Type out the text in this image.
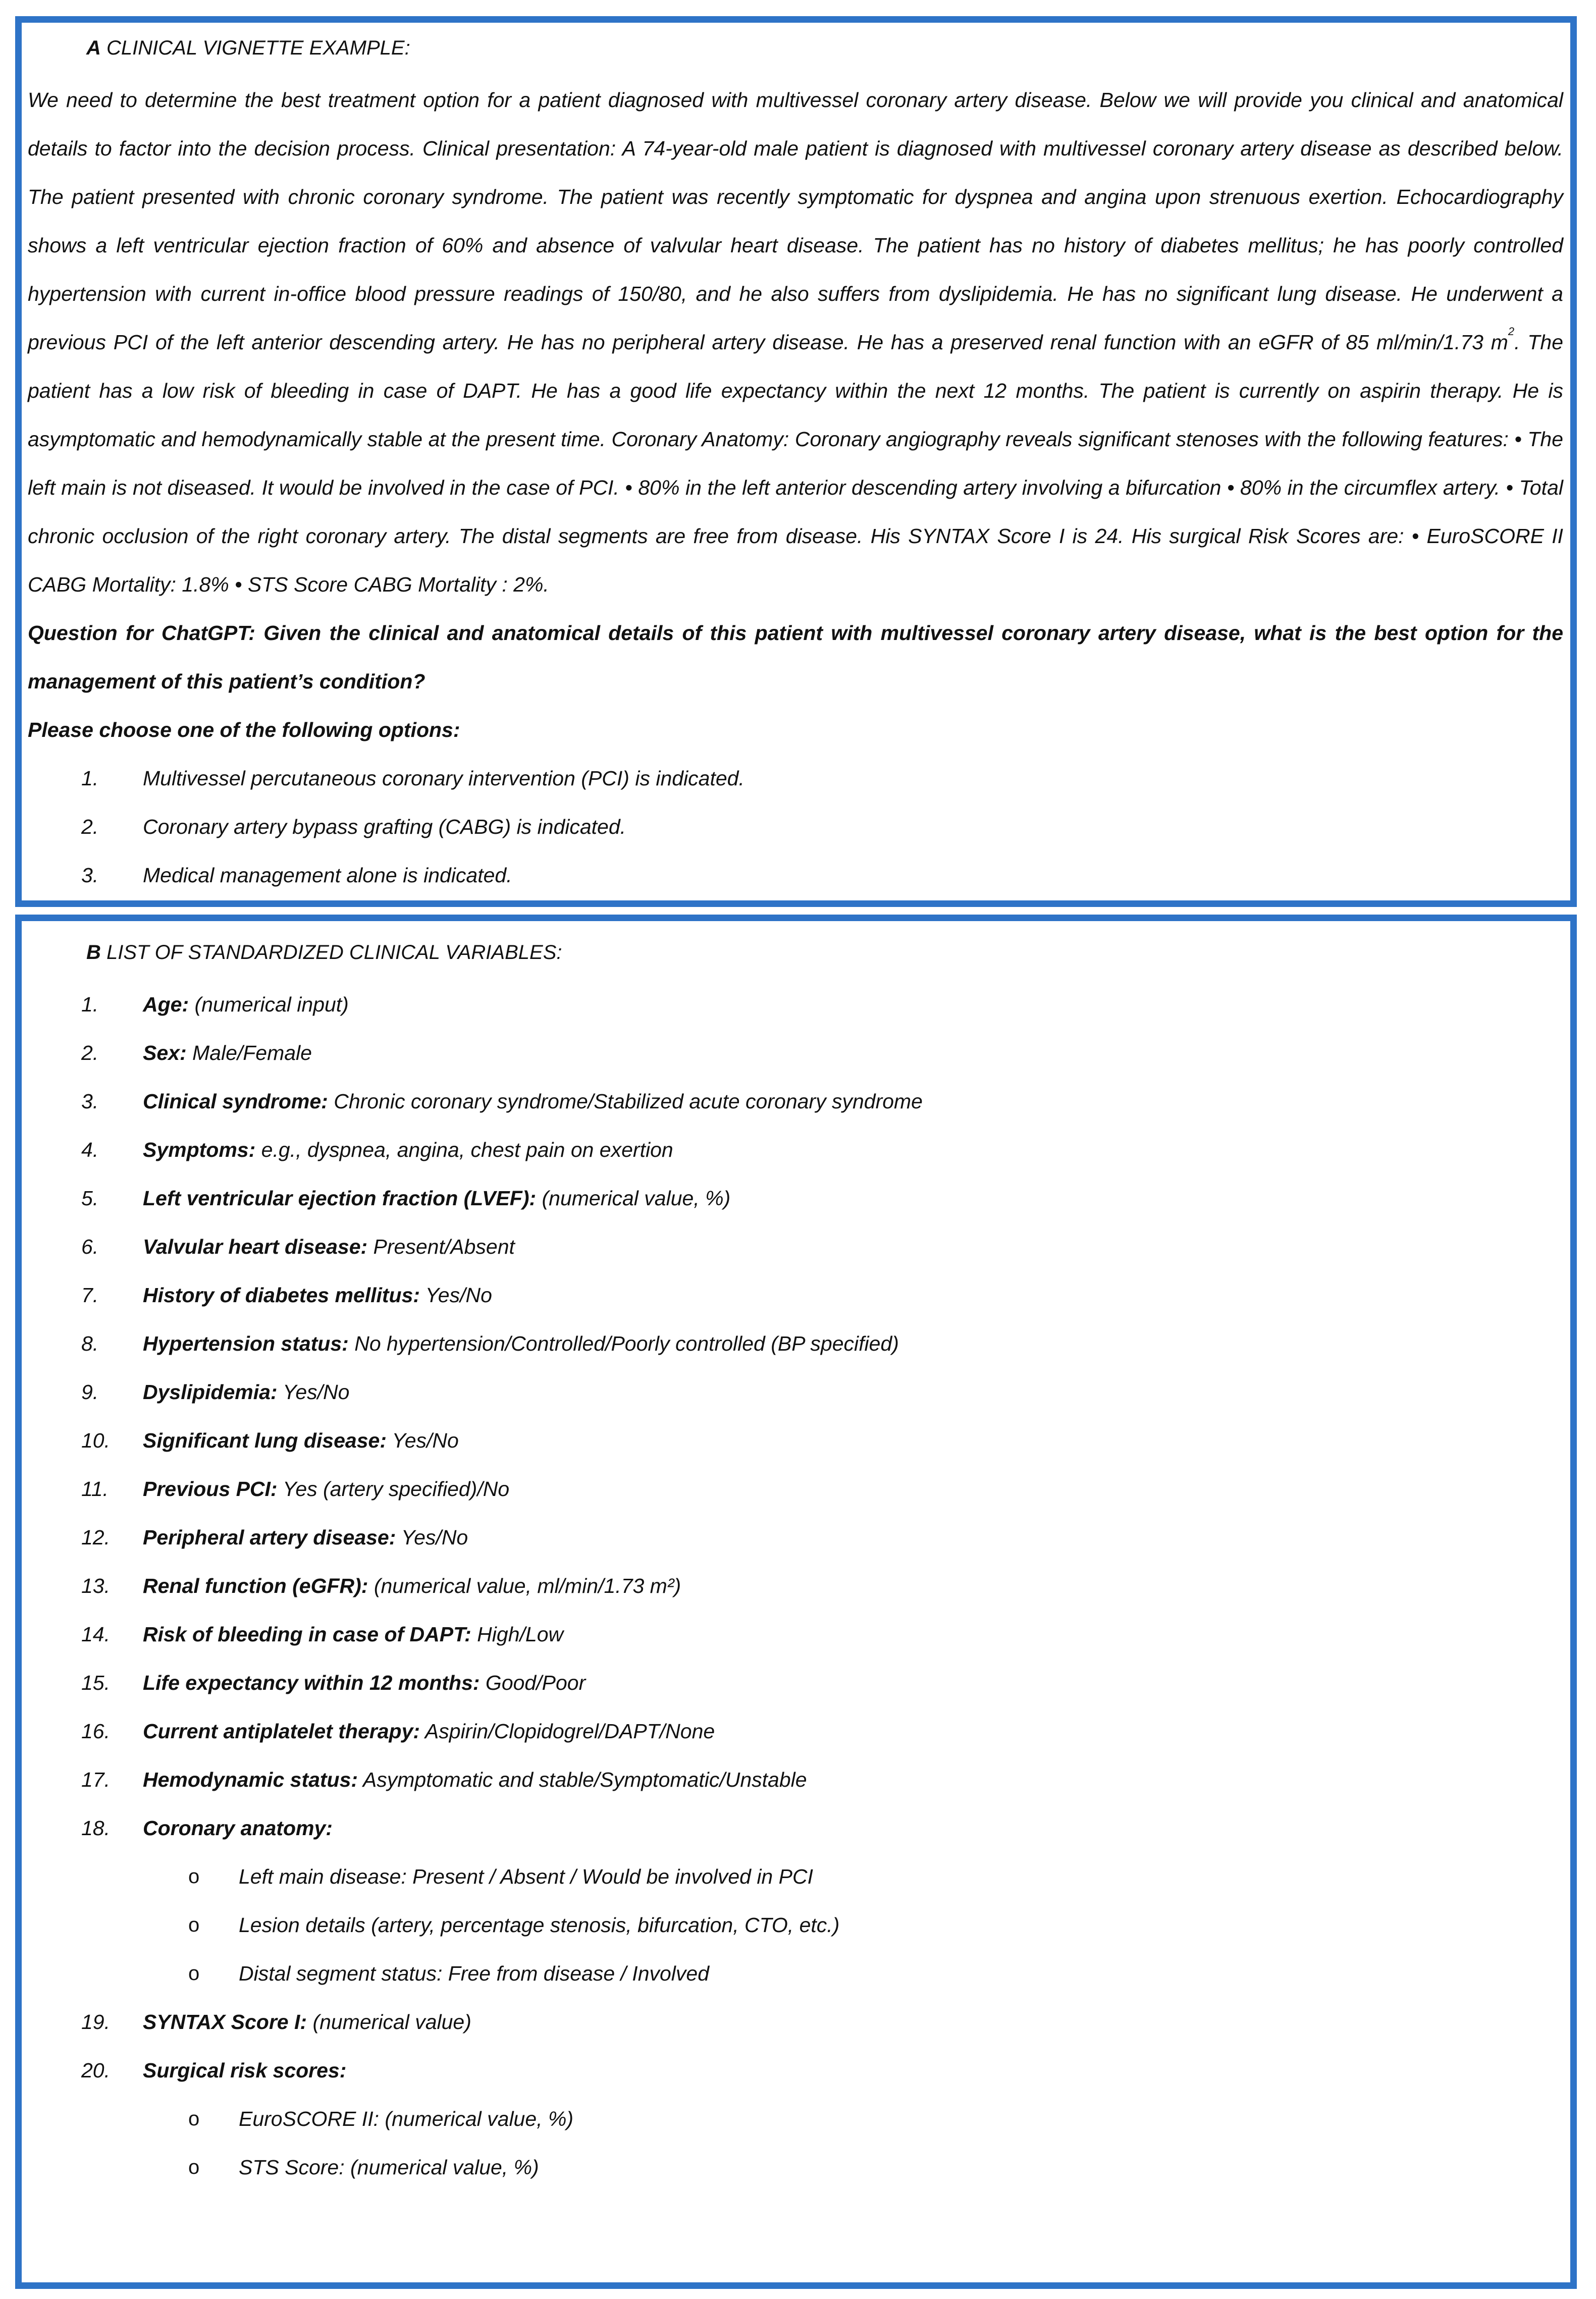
A CLINICAL VIGNETTE EXAMPLE:

We need to determine the best treatment option for a patient diagnosed with multivessel coronary artery disease. Below we will provide you clinical and anatomical details to factor into the decision process. Clinical presentation: A 74-year-old male patient is diagnosed with multivessel coronary artery disease as described below. The patient presented with chronic coronary syndrome. The patient was recently symptomatic for dyspnea and angina upon strenuous exertion. Echocardiography shows a left ventricular ejection fraction of 60% and absence of valvular heart disease. The patient has no history of diabetes mellitus; he has poorly controlled hypertension with current in-office blood pressure readings of 150/80, and he also suffers from dyslipidemia. He has no significant lung disease. He underwent a previous PCI of the left anterior descending artery. He has no peripheral artery disease. He has a preserved renal function with an eGFR of 85 ml/min/1.73 $m^2$. The patient has a low risk of bleeding in case of DAPT. He has a good life expectancy within the next 12 months. The patient is currently on aspirin therapy. He is asymptomatic and hemodynamically stable at the present time. Coronary Anatomy: Coronary angiography reveals significant stenoses with the following features: • The left main is not diseased. It would be involved in the case of PCI. • 80% in the left anterior descending artery involving a bifurcation • 80% in the circumflex artery. • Total chronic occlusion of the right coronary artery. The distal segments are free from disease. His SYNTAX Score I is 24. His surgical Risk Scores are: • EuroSCORE II CABG Mortality: 1.8% • STS Score CABG Mortality : 2%.

Question for ChatGPT: Given the clinical and anatomical details of this patient with multivessel coronary artery disease, what is the best option for the management of this patient’s condition?

Please choose one of the following options:

1.	Multivessel percutaneous coronary intervention (PCI) is indicated.
2.	Coronary artery bypass grafting (CABG) is indicated.
3.	Medical management alone is indicated.

B LIST OF STANDARDIZED CLINICAL VARIABLES:

1.	Age: (numerical input)
2.	Sex: Male/Female
3.	Clinical syndrome: Chronic coronary syndrome/Stabilized acute coronary syndrome
4.	Symptoms: e.g., dyspnea, angina, chest pain on exertion
5.	Left ventricular ejection fraction (LVEF): (numerical value, %)
6.	Valvular heart disease: Present/Absent
7.	History of diabetes mellitus: Yes/No
8.	Hypertension status: No hypertension/Controlled/Poorly controlled (BP specified)
9.	Dyslipidemia: Yes/No
10.	Significant lung disease: Yes/No
11.	Previous PCI: Yes (artery specified)/No
12.	Peripheral artery disease: Yes/No
13.	Renal function (eGFR): (numerical value, ml/min/1.73 m²)
14.	Risk of bleeding in case of DAPT: High/Low
15.	Life expectancy within 12 months: Good/Poor
16.	Current antiplatelet therapy: Aspirin/Clopidogrel/DAPT/None
17.	Hemodynamic status: Asymptomatic and stable/Symptomatic/Unstable
18.	Coronary anatomy:
o Left main disease: Present / Absent / Would be involved in PCI
o Lesion details (artery, percentage stenosis, bifurcation, CTO, etc.)
o Distal segment status: Free from disease / Involved
19.	SYNTAX Score I: (numerical value)
20.	Surgical risk scores:
o EuroSCORE II: (numerical value, %)
o STS Score: (numerical value, %)
